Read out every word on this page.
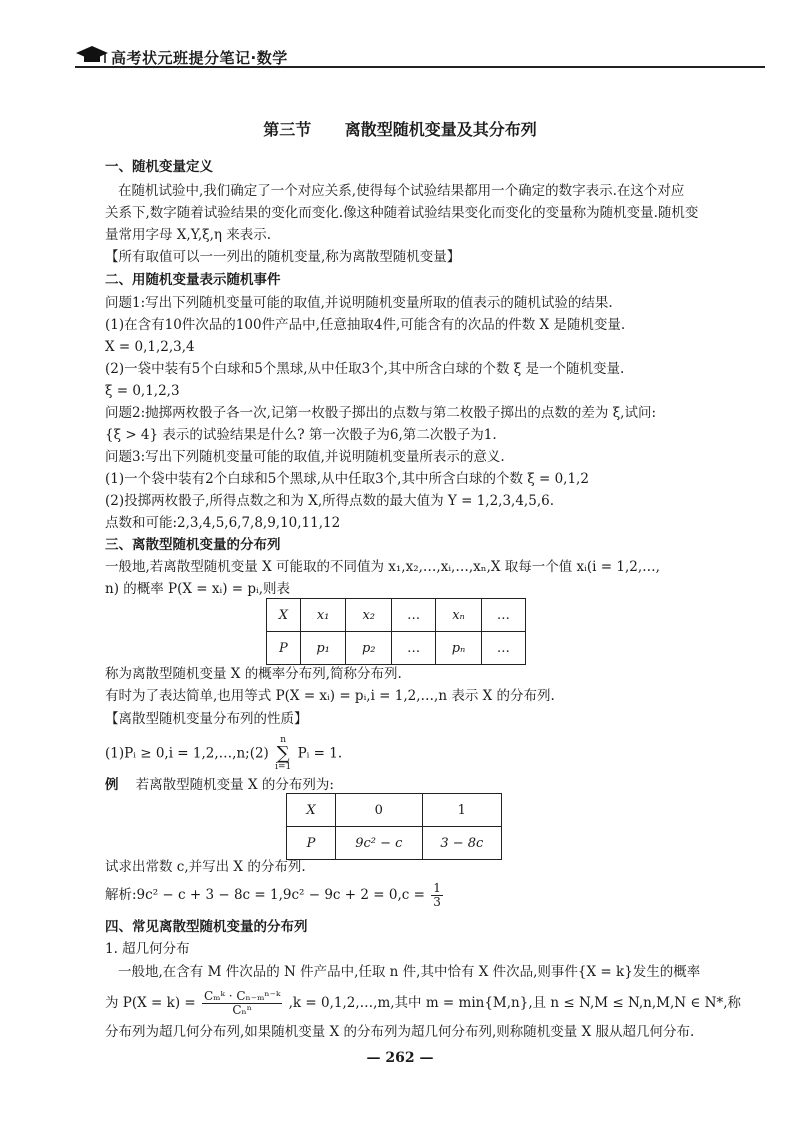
高考状元班提分笔记·数学
第三节 离散型随机变量及其分布列
一、随机变量定义
在随机试验中,我们确定了一个对应关系,使得每个试验结果都用一个确定的数字表示.在这个对应
关系下,数字随着试验结果的变化而变化.像这种随着试验结果变化而变化的变量称为随机变量.随机变
量常用字母 X,Y,ξ,η 来表示.
【所有取值可以一一列出的随机变量,称为离散型随机变量】
二、用随机变量表示随机事件
问题1:写出下列随机变量可能的取值,并说明随机变量所取的值表示的随机试验的结果.
(1)在含有10件次品的100件产品中,任意抽取4件,可能含有的次品的件数 X 是随机变量.
X = 0,1,2,3,4
(2)一袋中装有5个白球和5个黑球,从中任取3个,其中所含白球的个数 ξ 是一个随机变量.
ξ = 0,1,2,3
问题2:抛掷两枚骰子各一次,记第一枚骰子掷出的点数与第二枚骰子掷出的点数的差为 ξ,试问:
{ξ > 4} 表示的试验结果是什么? 第一次骰子为6,第二次骰子为1.
问题3:写出下列随机变量可能的取值,并说明随机变量所表示的意义.
(1)一个袋中装有2个白球和5个黑球,从中任取3个,其中所含白球的个数 ξ = 0,1,2
(2)投掷两枚骰子,所得点数之和为 X,所得点数的最大值为 Y = 1,2,3,4,5,6.
点数和可能:2,3,4,5,6,7,8,9,10,11,12
三、离散型随机变量的分布列
一般地,若离散型随机变量 X 可能取的不同值为 x₁,x₂,…,xᵢ,…,xₙ,X 取每一个值 xᵢ(i = 1,2,…,
n) 的概率 P(X = xᵢ) = pᵢ,则表
X	x₁	x₂	…	xₙ	…
P	p₁	p₂	…	pₙ	…
称为离散型随机变量 X 的概率分布列,简称分布列.
有时为了表达简单,也用等式 P(X = xᵢ) = pᵢ,i = 1,2,…,n 表示 X 的分布列.
【离散型随机变量分布列的性质】
(1)Pᵢ ≥ 0,i = 1,2,…,n;(2) n
∑
i=1 Pᵢ = 1.
例 若离散型随机变量 X 的分布列为:
X	0	1
P	9c² − c	3 − 8c
试求出常数 c,并写出 X 的分布列.
解析:9c² − $c + 3 - 8c = 1,9c^2 - 9c + 2 = 0,c = \frac{1}{3}$
四、常见离散型随机变量的分布列
1. 超几何分布
一般地,在含有 M 件次品的 N 件产品中,任取 n 件,其中恰有 X 件次品,则事件{X = k}发生的概率
为 $P(X = k) = \frac{\text{Cₘᵏ · Cₙ₋ₘⁿ⁻ᵏ}}{\text{Cₙⁿ}} ,k$ = 0,1,2,…,m,其中 m = min{M,n},且 n ≤ N,M ≤ N,n,M,N ∈ N*,称
分布列为超几何分布列,如果随机变量 X 的分布列为超几何分布列,则称随机变量 X 服从超几何分布.
— 262 —
